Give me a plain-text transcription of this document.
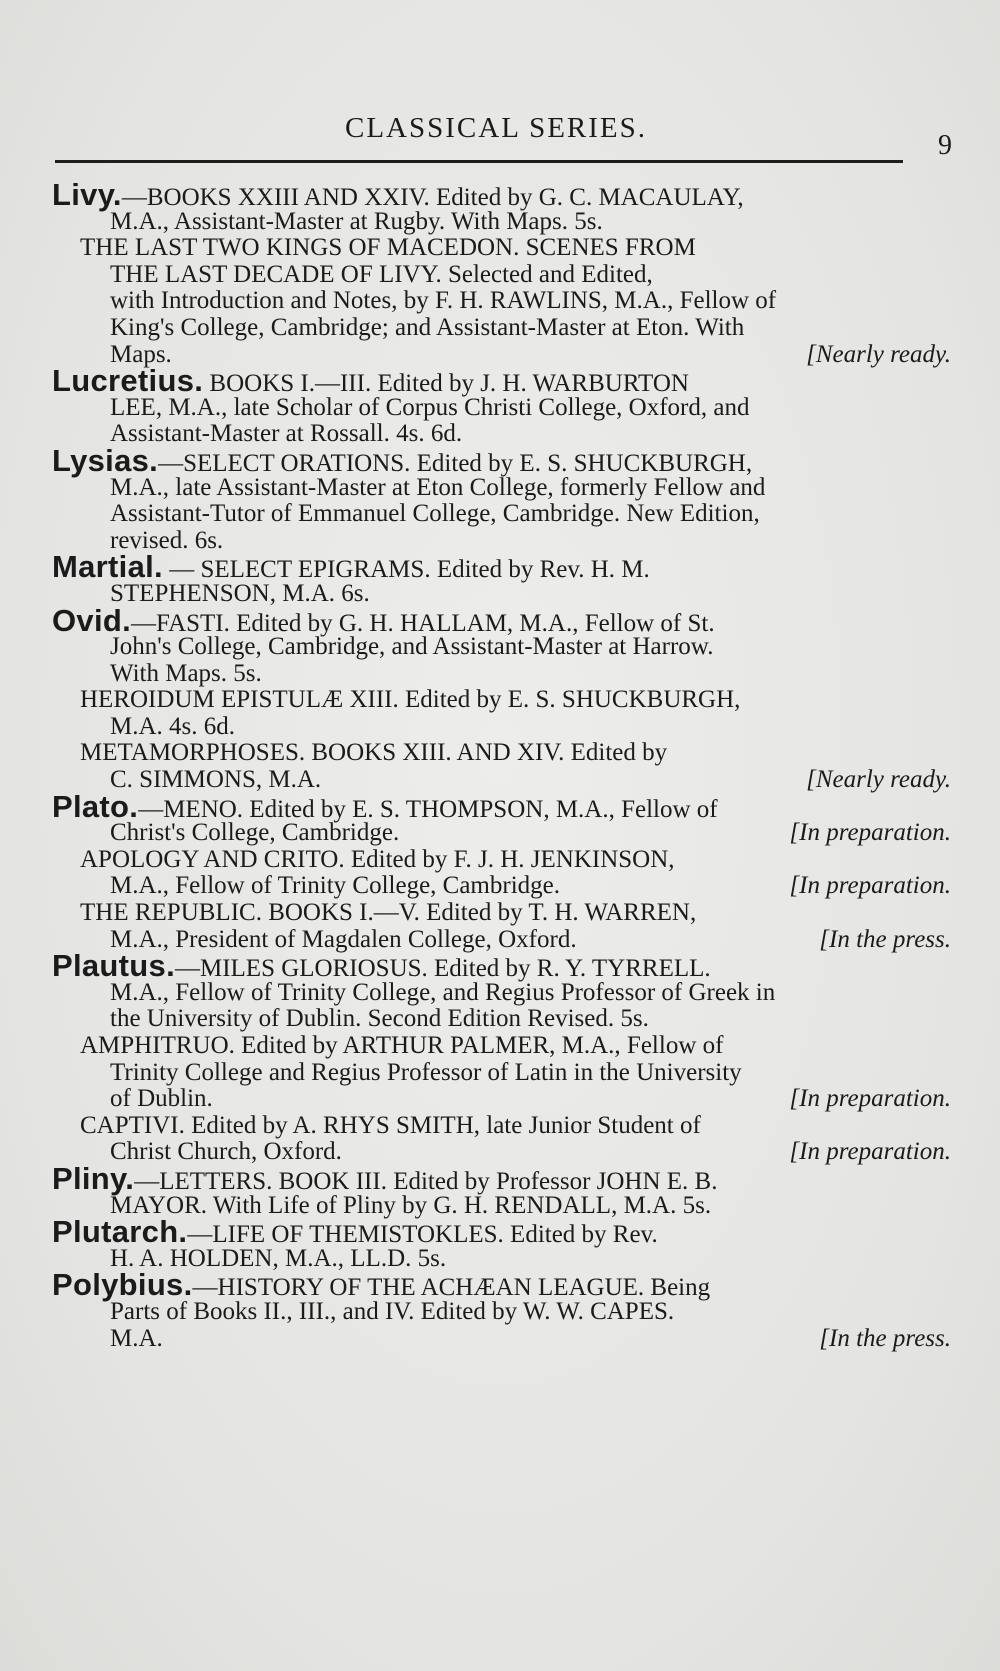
CLASSICAL SERIES.
9
Livy.—BOOKS XXIII AND XXIV. Edited by G. C. MACAULAY,
M.A., Assistant-Master at Rugby. With Maps. 5s.
THE LAST TWO KINGS OF MACEDON. SCENES FROM
THE LAST DECADE OF LIVY. Selected and Edited,
with Introduction and Notes, by F. H. RAWLINS, M.A., Fellow of
King's College, Cambridge; and Assistant-Master at Eton. With
Maps.	[Nearly ready.
Lucretius. BOOKS I.—III. Edited by J. H. WARBURTON
LEE, M.A., late Scholar of Corpus Christi College, Oxford, and
Assistant-Master at Rossall. 4s. 6d.
Lysias.—SELECT ORATIONS. Edited by E. S. SHUCKBURGH,
M.A., late Assistant-Master at Eton College, formerly Fellow and
Assistant-Tutor of Emmanuel College, Cambridge. New Edition,
revised. 6s.
Martial. — SELECT EPIGRAMS. Edited by Rev. H. M.
STEPHENSON, M.A. 6s.
Ovid.—FASTI. Edited by G. H. HALLAM, M.A., Fellow of St.
John's College, Cambridge, and Assistant-Master at Harrow.
With Maps. 5s.
HEROIDUM EPISTULÆ XIII. Edited by E. S. SHUCKBURGH,
M.A. 4s. 6d.
METAMORPHOSES. BOOKS XIII. AND XIV. Edited by
C. SIMMONS, M.A.	[Nearly ready.
Plato.—MENO. Edited by E. S. THOMPSON, M.A., Fellow of
Christ's College, Cambridge.	[In preparation.
APOLOGY AND CRITO. Edited by F. J. H. JENKINSON,
M.A., Fellow of Trinity College, Cambridge.	[In preparation.
THE REPUBLIC. BOOKS I.—V. Edited by T. H. WARREN,
M.A., President of Magdalen College, Oxford.	[In the press.
Plautus.—MILES GLORIOSUS. Edited by R. Y. TYRRELL.
M.A., Fellow of Trinity College, and Regius Professor of Greek in
the University of Dublin. Second Edition Revised. 5s.
AMPHITRUO. Edited by ARTHUR PALMER, M.A., Fellow of
Trinity College and Regius Professor of Latin in the University
of Dublin.	[In preparation.
CAPTIVI. Edited by A. RHYS SMITH, late Junior Student of
Christ Church, Oxford.	[In preparation.
Pliny.—LETTERS. BOOK III. Edited by Professor JOHN E. B.
MAYOR. With Life of Pliny by G. H. RENDALL, M.A. 5s.
Plutarch.—LIFE OF THEMISTOKLES. Edited by Rev.
H. A. HOLDEN, M.A., LL.D. 5s.
Polybius.—HISTORY OF THE ACHÆAN LEAGUE. Being
Parts of Books II., III., and IV. Edited by W. W. CAPES.
M.A.	[In the press.
